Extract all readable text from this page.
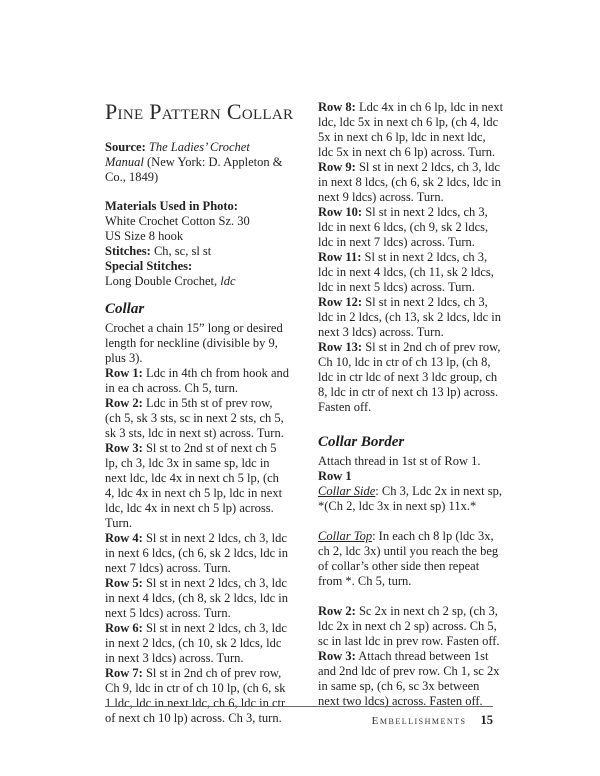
Pine Pattern Collar

Source: The Ladies’ Crochet Manual (New York: D. Appleton & Co., 1849)

Materials Used in Photo:

White Crochet Cotton Sz. 30

US Size 8 hook

Stitches: Ch, sc, sl st

Special Stitches:

Long Double Crochet, ldc

Collar

Crochet a chain 15” long or desired length for neckline (divisible by 9, plus 3).

Row 1: Ldc in 4th ch from hook and in ea ch across. Ch 5, turn.

Row 2: Ldc in 5th st of prev row, (ch 5, sk 3 sts, sc in next 2 sts, ch 5, sk 3 sts, ldc in next st) across. Turn.

Row 3: Sl st to 2nd st of next ch 5 lp, ch 3, ldc 3x in same sp, ldc in next ldc, ldc 4x in next ch 5 lp, (ch 4, ldc 4x in next ch 5 lp, ldc in next ldc, ldc 4x in next ch 5 lp) across. Turn.

Row 4: Sl st in next 2 ldcs, ch 3, ldc in next 6 ldcs, (ch 6, sk 2 ldcs, ldc in next 7 ldcs) across. Turn.

Row 5: Sl st in next 2 ldcs, ch 3, ldc in next 4 ldcs, (ch 8, sk 2 ldcs, ldc in next 5 ldcs) across. Turn.

Row 6: Sl st in next 2 ldcs, ch 3, ldc in next 2 ldcs, (ch 10, sk 2 ldcs, ldc in next 3 ldcs) across. Turn.

Row 7: Sl st in 2nd ch of prev row, Ch 9, ldc in ctr of ch 10 lp, (ch 6, sk 1 ldc, ldc in next ldc, ch 6, ldc in ctr of next ch 10 lp) across. Ch 3, turn.

Row 8: Ldc 4x in ch 6 lp, ldc in next ldc, ldc 5x in next ch 6 lp, (ch 4, ldc 5x in next ch 6 lp, ldc in next ldc, ldc 5x in next ch 6 lp) across. Turn.

Row 9: Sl st in next 2 ldcs, ch 3, ldc in next 8 ldcs, (ch 6, sk 2 ldcs, ldc in next 9 ldcs) across. Turn.

Row 10: Sl st in next 2 ldcs, ch 3, ldc in next 6 ldcs, (ch 9, sk 2 ldcs, ldc in next 7 ldcs) across. Turn.

Row 11: Sl st in next 2 ldcs, ch 3, ldc in next 4 ldcs, (ch 11, sk 2 ldcs, ldc in next 5 ldcs) across. Turn.

Row 12: Sl st in next 2 ldcs, ch 3, ldc in 2 ldcs, (ch 13, sk 2 ldcs, ldc in next 3 ldcs) across. Turn.

Row 13: Sl st in 2nd ch of prev row, Ch 10, ldc in ctr of ch 13 lp, (ch 8, ldc in ctr ldc of next 3 ldc group, ch 8, ldc in ctr of next ch 13 lp) across. Fasten off.

Collar Border

Attach thread in 1st st of Row 1.

Row 1

Collar Side: Ch 3, Ldc 2x in next sp, *(Ch 2, ldc 3x in next sp) 11x.*

Collar Top: In each ch 8 lp (ldc 3x, ch 2, ldc 3x) until you reach the beg of collar’s other side then repeat from *. Ch 5, turn.

Row 2: Sc 2x in next ch 2 sp, (ch 3, ldc 2x in next ch 2 sp) across. Ch 5, sc in last ldc in prev row. Fasten off.

Row 3: Attach thread between 1st and 2nd ldc of prev row. Ch 1, sc 2x in same sp, (ch 6, sc 3x between next two ldcs) across. Fasten off.

Embellishments 15
